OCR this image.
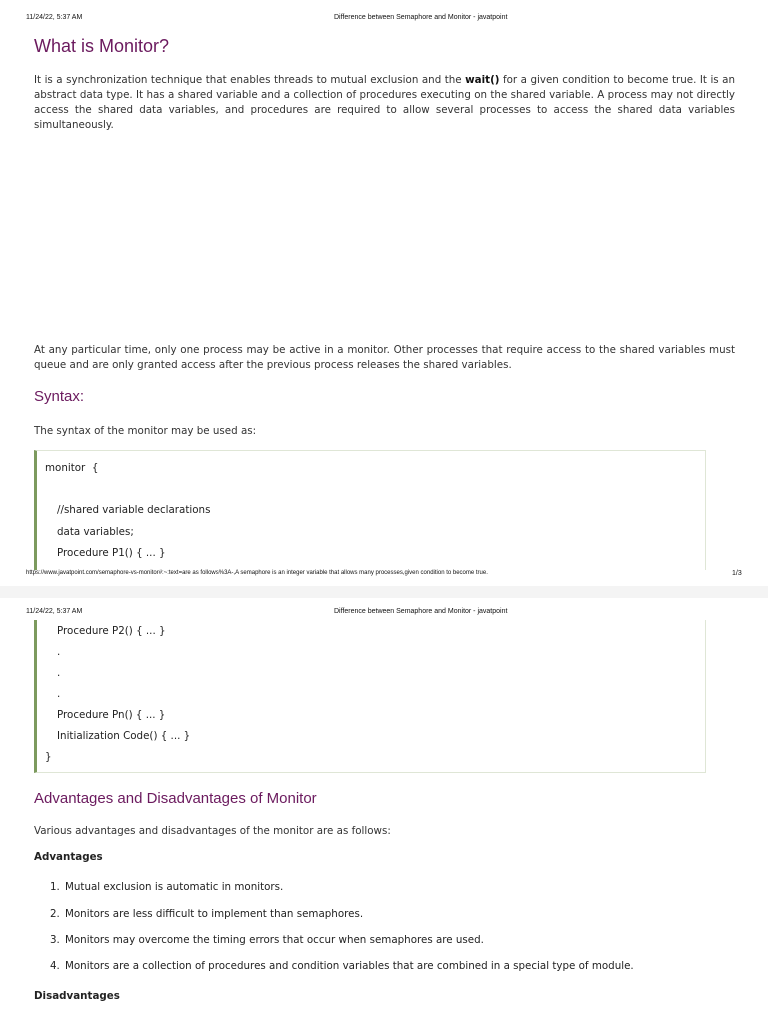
11/24/22, 5:37 AM	Difference between Semaphore and Monitor - javatpoint
What is Monitor?
It is a synchronization technique that enables threads to mutual exclusion and the wait() for a given condition to become true. It is an abstract data type. It has a shared variable and a collection of procedures executing on the shared variable. A process may not directly access the shared data variables, and procedures are required to allow several processes to access the shared data variables simultaneously.
At any particular time, only one process may be active in a monitor. Other processes that require access to the shared variables must queue and are only granted access after the previous process releases the shared variables.
Syntax:
The syntax of the monitor may be used as:
monitor  {
//shared variable declarations
data variables;
Procedure P1() { ... }
https://www.javatpoint.com/semaphore-vs-monitor#:~:text=are as follows%3A-,A semaphore is an integer variable that allows many processes,given condition to become true.	1/3
11/24/22, 5:37 AM	Difference between Semaphore and Monitor - javatpoint
Procedure P2() { ... }
.
.
.
Procedure Pn() { ... }
Initialization Code() { ... }
}
Advantages and Disadvantages of Monitor
Various advantages and disadvantages of the monitor are as follows:
Advantages
1. Mutual exclusion is automatic in monitors.
2. Monitors are less difficult to implement than semaphores.
3. Monitors may overcome the timing errors that occur when semaphores are used.
4. Monitors are a collection of procedures and condition variables that are combined in a special type of module.
Disadvantages
